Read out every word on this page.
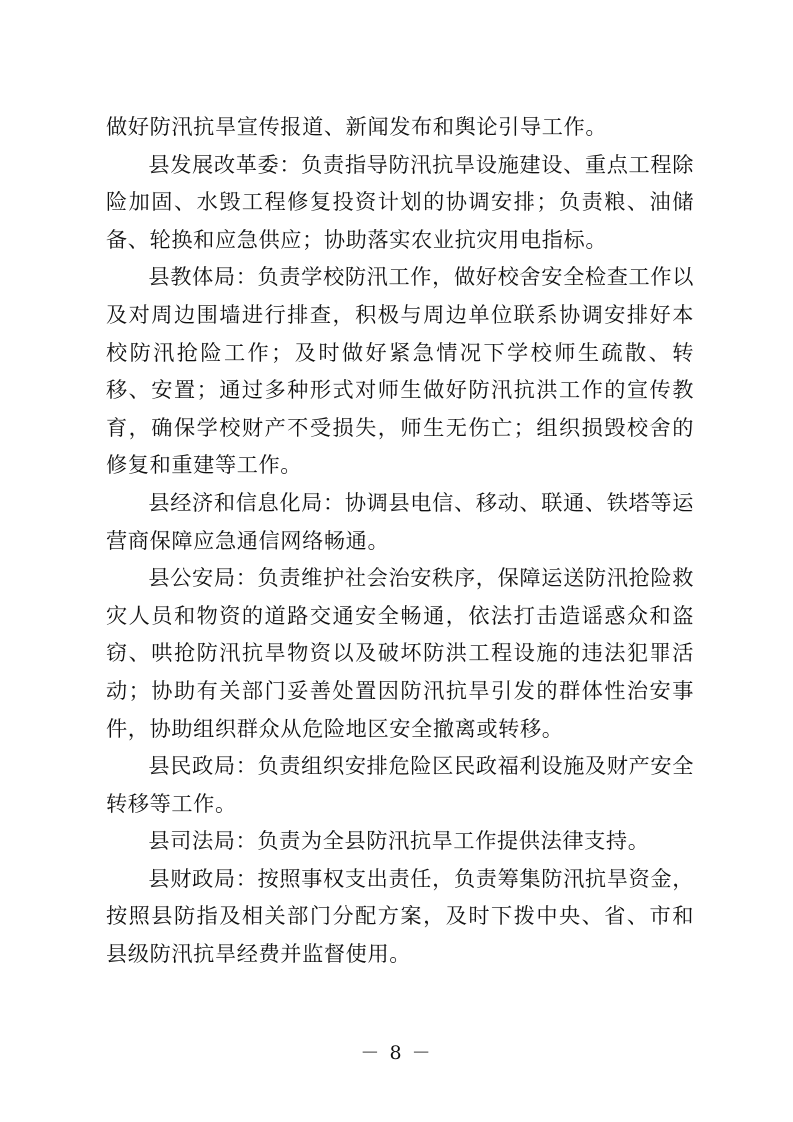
做好防汛抗旱宣传报道、新闻发布和舆论引导工作。

县发展改革委：负责指导防汛抗旱设施建设、重点工程除险加固、水毁工程修复投资计划的协调安排；负责粮、油储备、轮换和应急供应；协助落实农业抗灾用电指标。

县教体局：负责学校防汛工作，做好校舍安全检查工作以及对周边围墙进行排查，积极与周边单位联系协调安排好本校防汛抢险工作；及时做好紧急情况下学校师生疏散、转移、安置；通过多种形式对师生做好防汛抗洪工作的宣传教育，确保学校财产不受损失，师生无伤亡；组织损毁校舍的修复和重建等工作。

县经济和信息化局：协调县电信、移动、联通、铁塔等运营商保障应急通信网络畅通。

县公安局：负责维护社会治安秩序，保障运送防汛抢险救灾人员和物资的道路交通安全畅通，依法打击造谣惑众和盗窃、哄抢防汛抗旱物资以及破坏防洪工程设施的违法犯罪活动；协助有关部门妥善处置因防汛抗旱引发的群体性治安事件，协助组织群众从危险地区安全撤离或转移。

县民政局：负责组织安排危险区民政福利设施及财产安全转移等工作。

县司法局：负责为全县防汛抗旱工作提供法律支持。

县财政局：按照事权支出责任，负责筹集防汛抗旱资金，按照县防指及相关部门分配方案，及时下拨中央、省、市和县级防汛抗旱经费并监督使用。

－ 8 －
